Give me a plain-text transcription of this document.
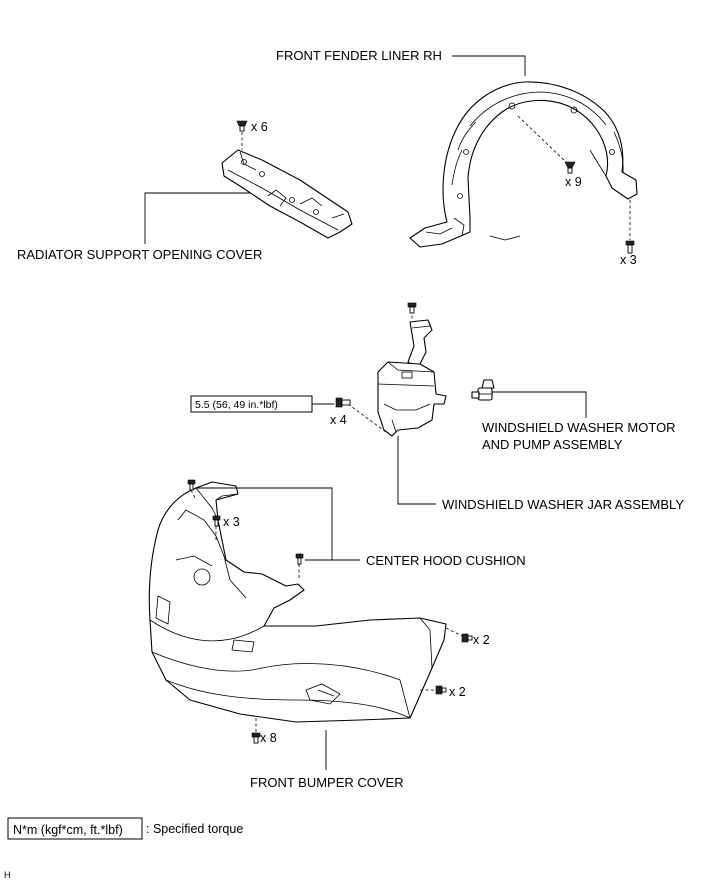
FRONT FENDER LINER RH
RADIATOR SUPPORT OPENING COVER
WINDSHIELD WASHER MOTOR
AND PUMP ASSEMBLY
WINDSHIELD WASHER JAR ASSEMBLY
CENTER HOOD CUSHION
FRONT BUMPER COVER
x 6
x 9
x 3
x 4
x 3
x 2
x 2
x 8
5.5 (56, 49 in.*lbf)
N*m (kgf*cm, ft.*lbf) : Specified torque
H
